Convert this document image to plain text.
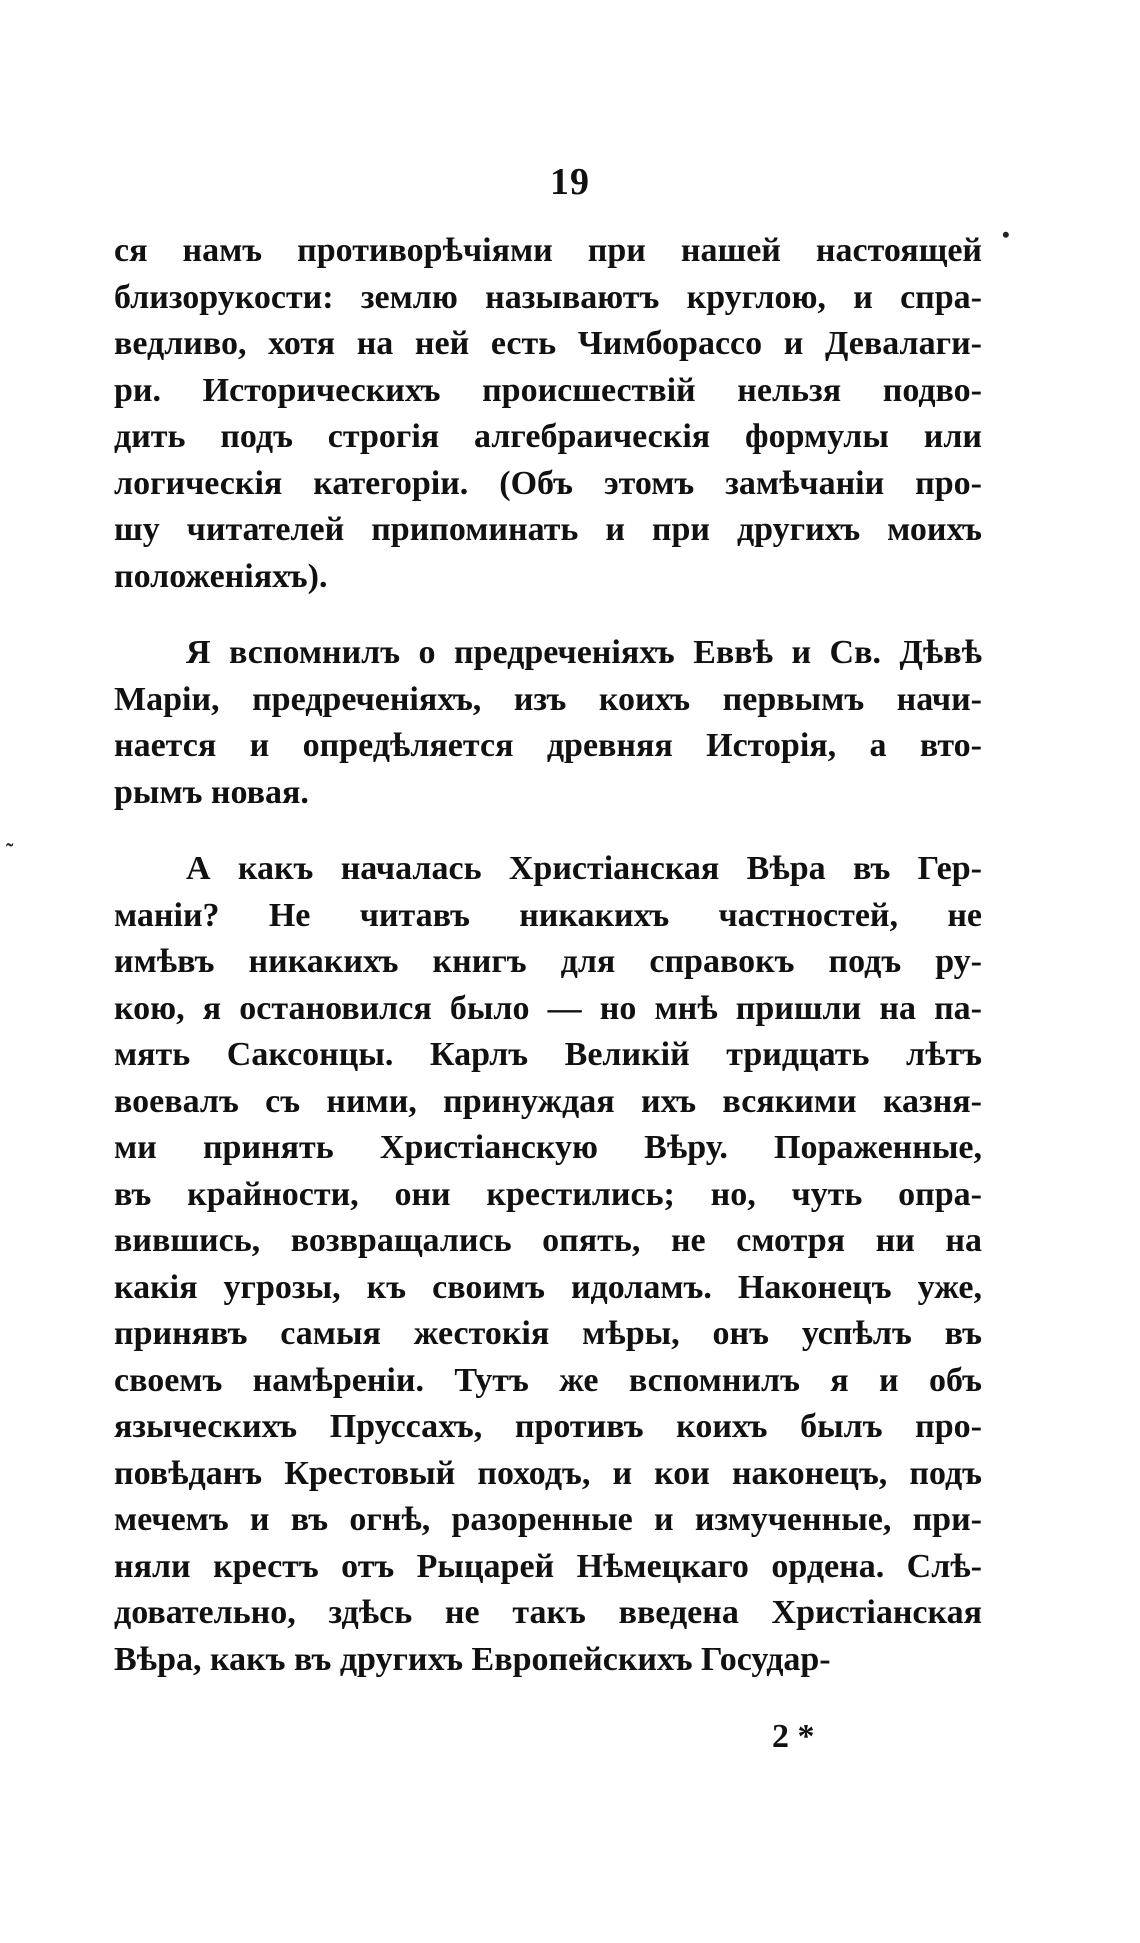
19
•
˷
ся намъ противорѣчіями при нашей настоящей
близорукости: землю называютъ круглою, и спра-
ведливо, хотя на ней есть Чимборассо и Девалаги-
ри. Историческихъ происшествій нельзя подво-
дить подъ строгія алгебраическія формулы или
логическія категоріи. (Объ этомъ замѣчаніи про-
шу читателей припоминать и при другихъ моихъ
положеніяхъ).
Я вспомнилъ о предреченіяхъ Еввѣ и Св. Дѣвѣ
Маріи, предреченіяхъ, изъ коихъ первымъ начи-
нается и опредѣляется древняя Исторія, а вто-
рымъ новая.
А какъ началась Христіанская Вѣра въ Гер-
маніи? Не читавъ никакихъ частностей, не
имѣвъ никакихъ книгъ для справокъ подъ ру-
кою, я остановился было — но мнѣ пришли на па-
мять Саксонцы. Карлъ Великій тридцать лѣтъ
воевалъ съ ними, принуждая ихъ всякими казня-
ми принять Христіанскую Вѣру. Пораженные,
въ крайности, они крестились; но, чуть опра-
вившись, возвращались опять, не смотря ни на
какія угрозы, къ своимъ идоламъ. Наконецъ уже,
принявъ самыя жестокія мѣры, онъ успѣлъ въ
своемъ намѣреніи. Тутъ же вспомнилъ я и объ
языческихъ Пруссахъ, противъ коихъ былъ про-
повѣданъ Крестовый походъ, и кои наконецъ, подъ
мечемъ и въ огнѣ, разоренные и измученные, при-
няли крестъ отъ Рыцарей Нѣмецкаго ордена. Слѣ-
довательно, здѣсь не такъ введена Христіанская
Вѣра, какъ въ другихъ Европейскихъ Государ-
2 *
